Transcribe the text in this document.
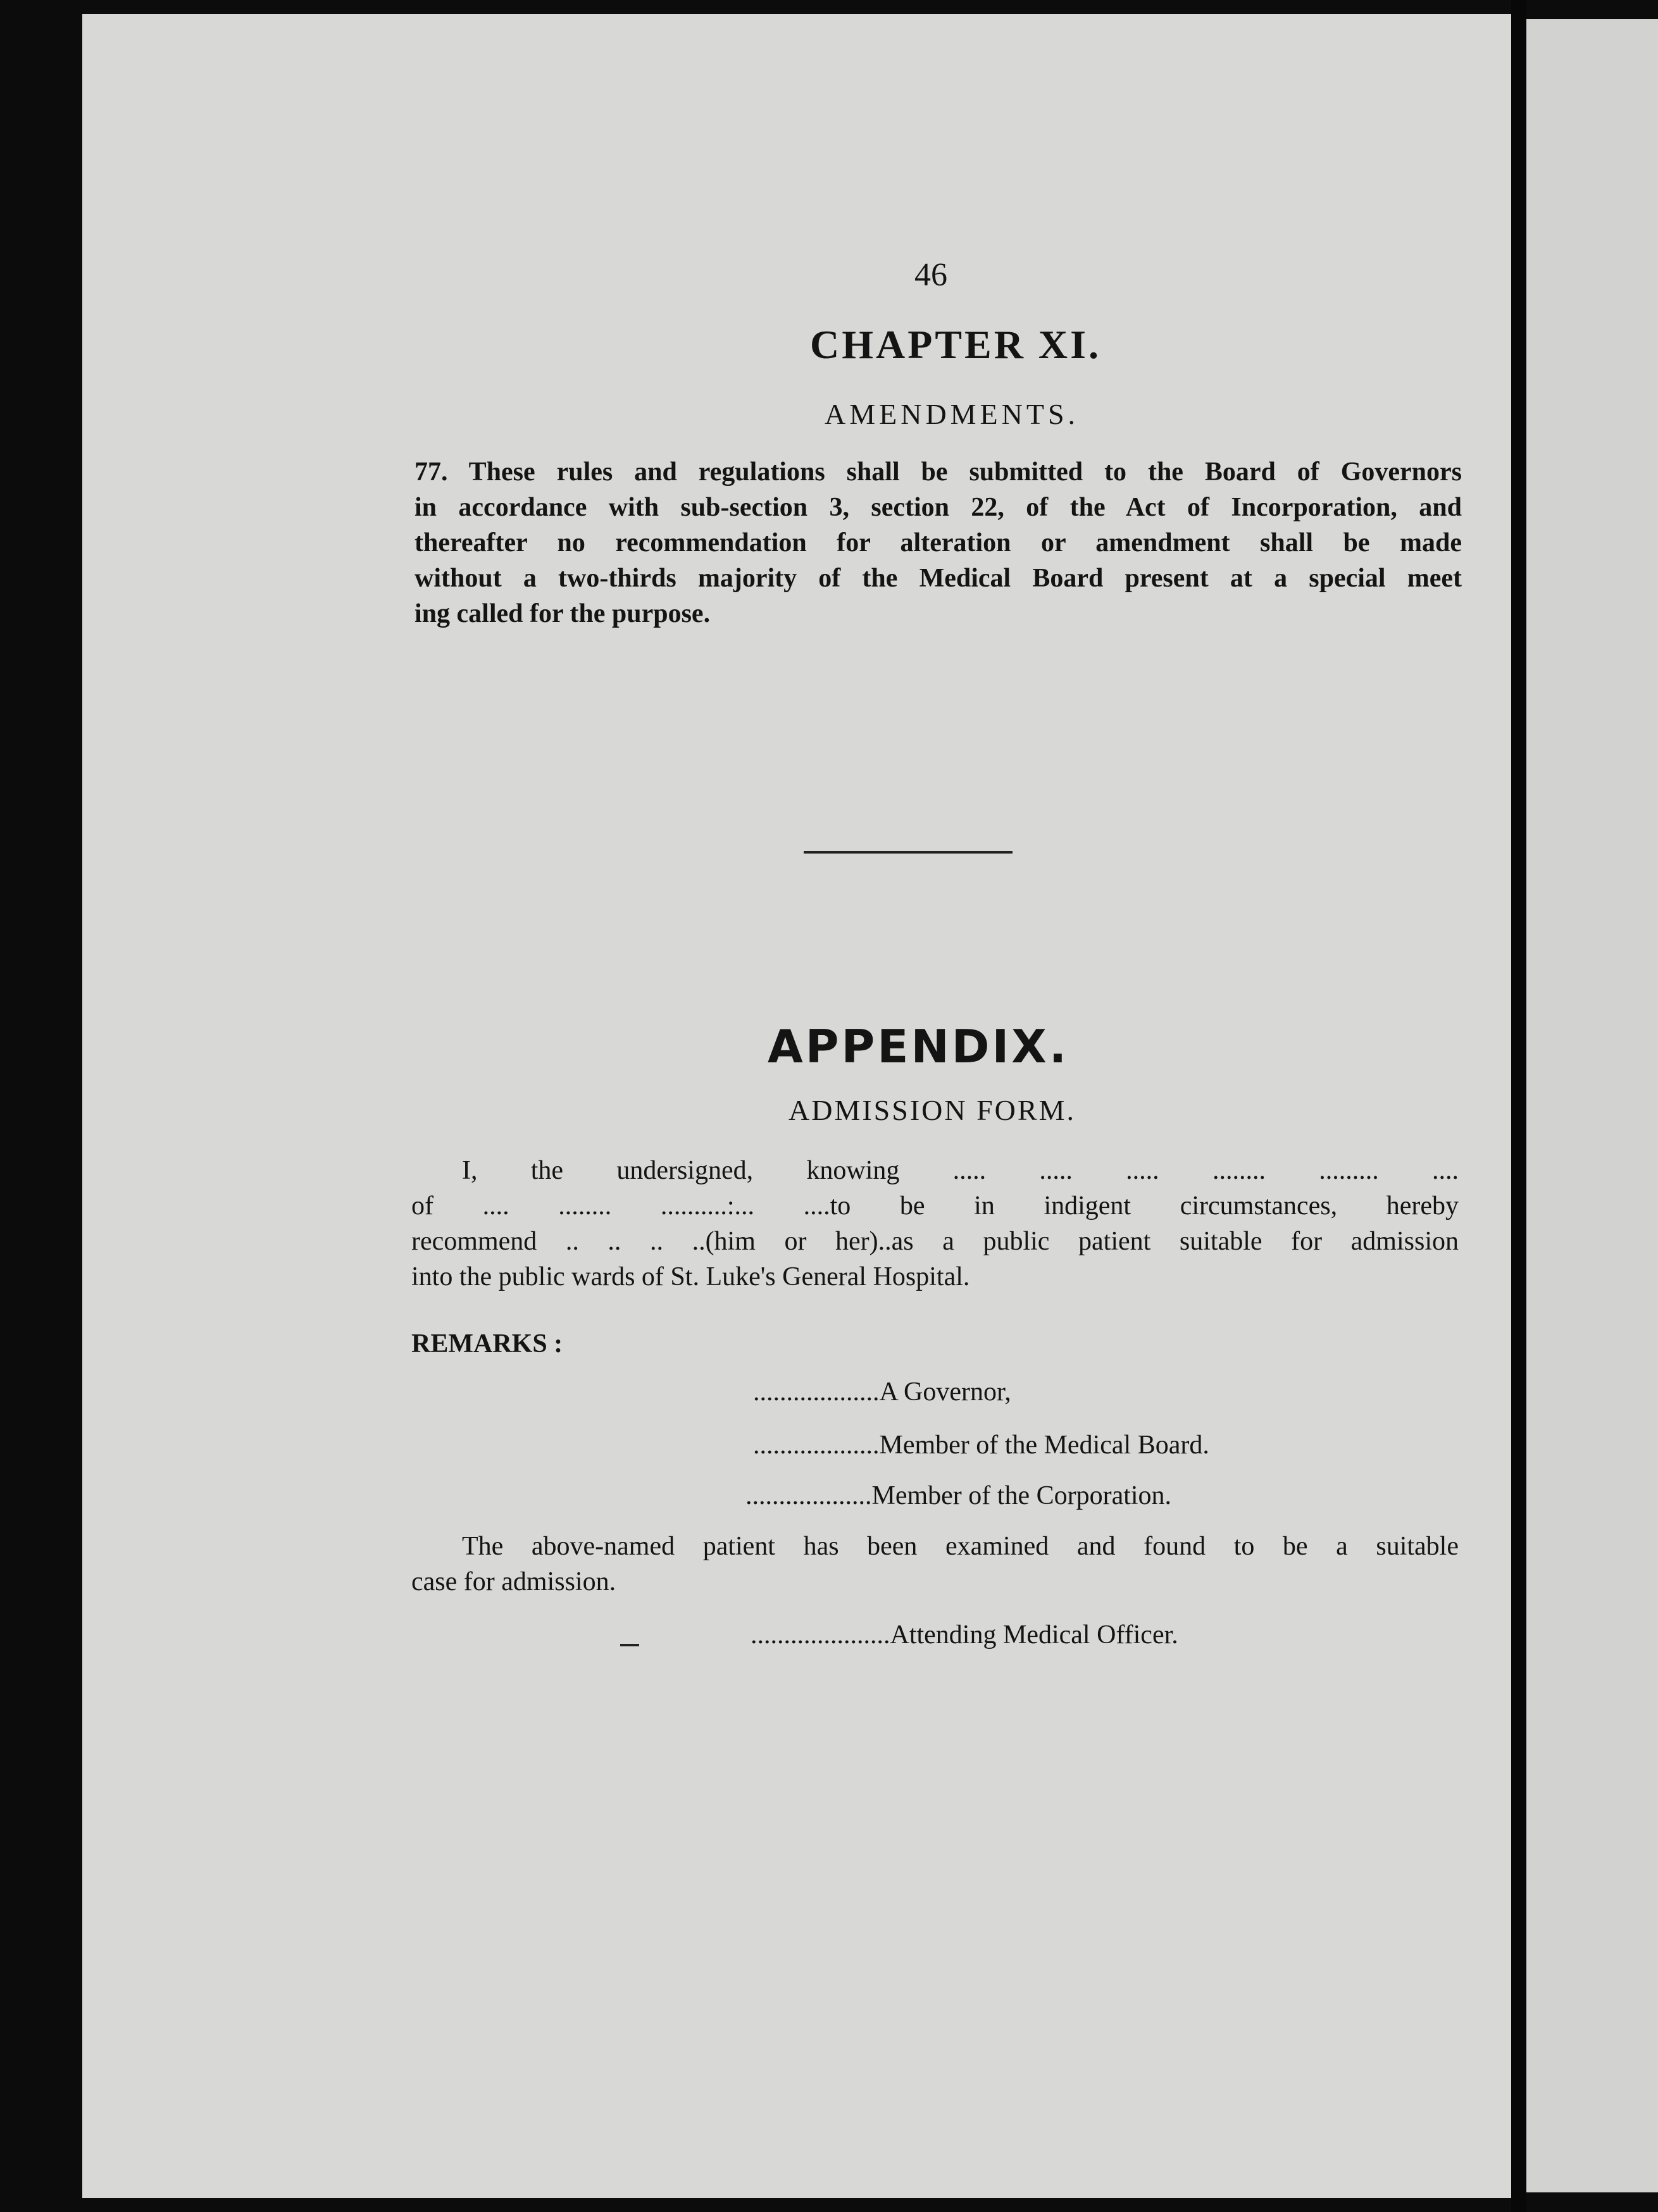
46
CHAPTER XI.
AMENDMENTS.
77. These rules and regulations shall be submitted to the Board of Governors
in accordance with sub-section 3, section 22, of the Act of Incorporation, and
thereafter no recommendation for alteration or amendment shall be made
without a two-thirds majority of the Medical Board present at a special meet
ing called for the purpose.
APPENDIX.
ADMISSION FORM.
I, the undersigned, knowing ..... ..... ..... ........ ......... ....
of .... ........ ..........:... ....to be in indigent circumstances, hereby
recommend .. .. .. ..(him or her)..as a public patient suitable for admission
into the public wards of St. Luke's General Hospital.
REMARKS :
...................A Governor,
...................Member of the Medical Board.
...................Member of the Corporation.
The above-named patient has been examined and found to be a suitable
case for admission.
.....................Attending Medical Officer.
